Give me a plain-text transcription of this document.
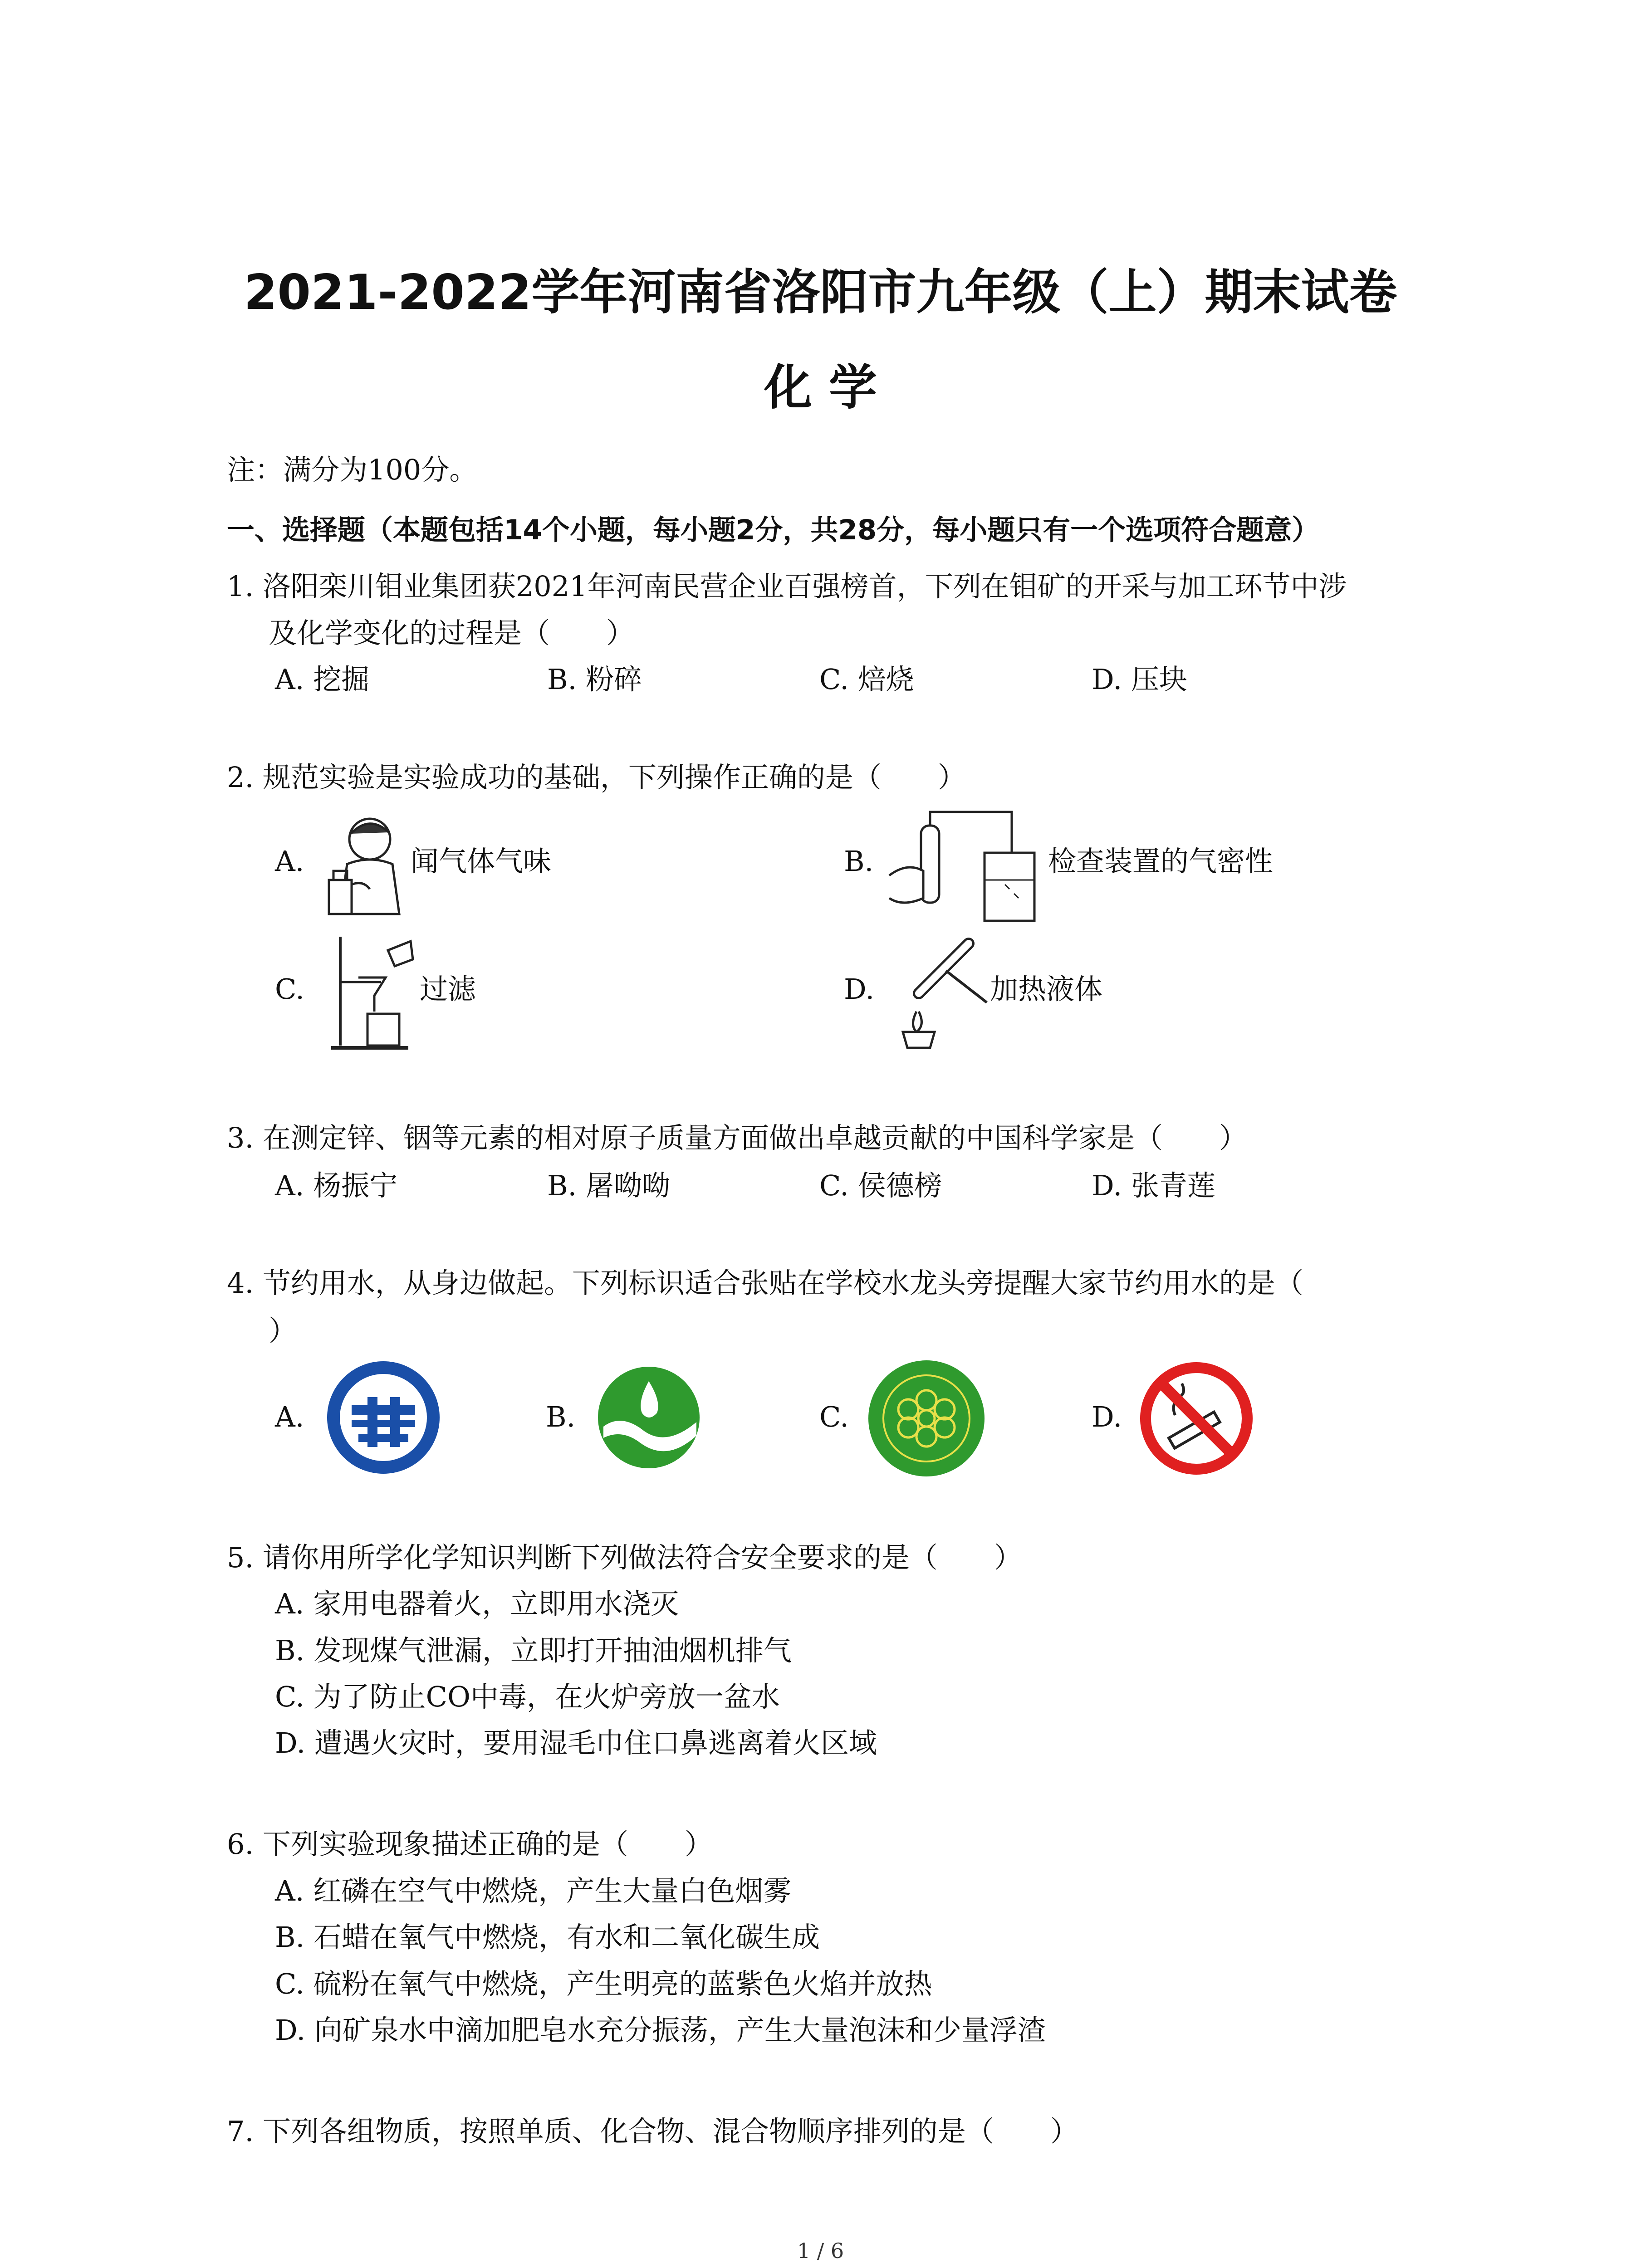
2021-2022学年河南省洛阳市九年级（上）期末试卷
化 学
注：满分为100分。
一、选择题（本题包括14个小题，每小题2分，共28分，每小题只有一个选项符合题意）
1. 洛阳栾川钼业集团获2021年河南民营企业百强榜首，下列在钼矿的开采与加工环节中涉
及化学变化的过程是（　　）
A. 挖掘	B. 粉碎	C. 焙烧	D. 压块
2. 规范实验是实验成功的基础，下列操作正确的是（　　）
A.	闻气体气味	B.	检查装置的气密性
C.	过滤	D.	加热液体
3. 在测定锌、铟等元素的相对原子质量方面做出卓越贡献的中国科学家是（　　）
A. 杨振宁	B. 屠呦呦	C. 侯德榜	D. 张青莲
4. 节约用水，从身边做起。下列标识适合张贴在学校水龙头旁提醒大家节约用水的是（
）
A.	B.	C.	D.
5. 请你用所学化学知识判断下列做法符合安全要求的是（　　）
A. 家用电器着火，立即用水浇灭
B. 发现煤气泄漏，立即打开抽油烟机排气
C. 为了防止CO中毒，在火炉旁放一盆水
D. 遭遇火灾时，要用湿毛巾住口鼻逃离着火区域
6. 下列实验现象描述正确的是（　　）
A. 红磷在空气中燃烧，产生大量白色烟雾
B. 石蜡在氧气中燃烧，有水和二氧化碳生成
C. 硫粉在氧气中燃烧，产生明亮的蓝紫色火焰并放热
D. 向矿泉水中滴加肥皂水充分振荡，产生大量泡沫和少量浮渣
7. 下列各组物质，按照单质、化合物、混合物顺序排列的是（　　）
1 / 6
